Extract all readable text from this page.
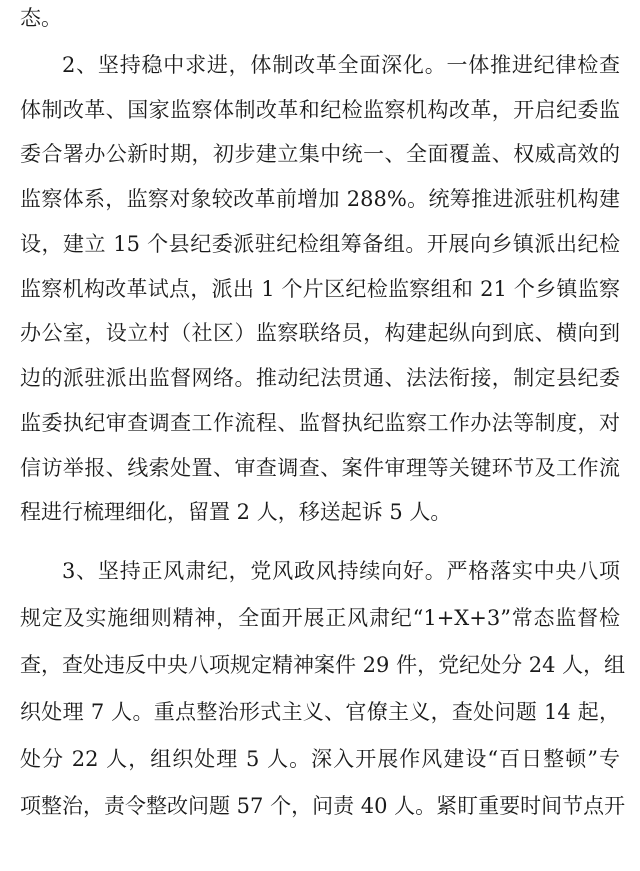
态。
2、坚持稳中求进，体制改革全面深化。一体推进纪律检查
体制改革、国家监察体制改革和纪检监察机构改革，开启纪委监
委合署办公新时期，初步建立集中统一、全面覆盖、权威高效的
监察体系，监察对象较改革前增加 288%。统筹推进派驻机构建
设，建立 15 个县纪委派驻纪检组筹备组。开展向乡镇派出纪检
监察机构改革试点，派出 1 个片区纪检监察组和 21 个乡镇监察
办公室，设立村（社区）监察联络员，构建起纵向到底、横向到
边的派驻派出监督网络。推动纪法贯通、法法衔接，制定县纪委
监委执纪审查调查工作流程、监督执纪监察工作办法等制度，对
信访举报、线索处置、审查调查、案件审理等关键环节及工作流
程进行梳理细化，留置 2 人，移送起诉 5 人。
3、坚持正风肃纪，党风政风持续向好。严格落实中央八项
规定及实施细则精神，全面开展正风肃纪“1+X+3”常态监督检
查，查处违反中央八项规定精神案件 29 件，党纪处分 24 人，组
织处理 7 人。重点整治形式主义、官僚主义，查处问题 14 起，
处分 22 人，组织处理 5 人。深入开展作风建设“百日整顿”专
项整治，责令整改问题 57 个，问责 40 人。紧盯重要时间节点开
